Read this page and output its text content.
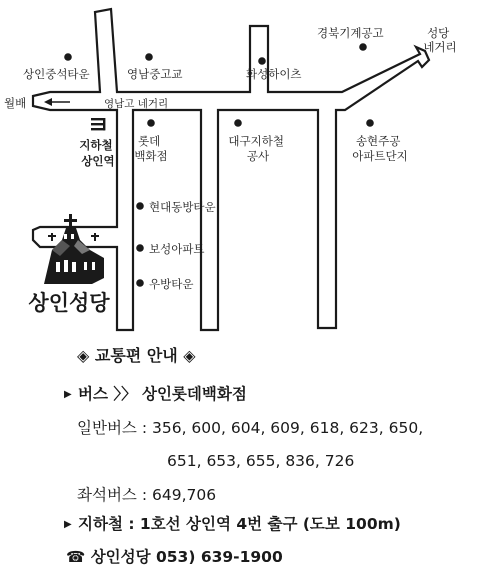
상인중석타운	영남중고교	화성하이츠
경북기계공고	성당 네거리
월배	영남고 네거리
지하철 상인역
롯데 백화점
대구지하철 공사
송현주공 아파트단지
현대동방타운
보성아파트
우방타운
상인성당
◈ 교통편 안내 ◈
▶ 버스 〉〉 상인롯데백화점
일반버스 : 356, 600, 604, 609, 618, 623, 650,
651, 653, 655, 836, 726
좌석버스 : 649,706
▶ 지하철 : 1호선 상인역 4번 출구 (도보 100m)
☎ 상인성당 053) 639-1900
